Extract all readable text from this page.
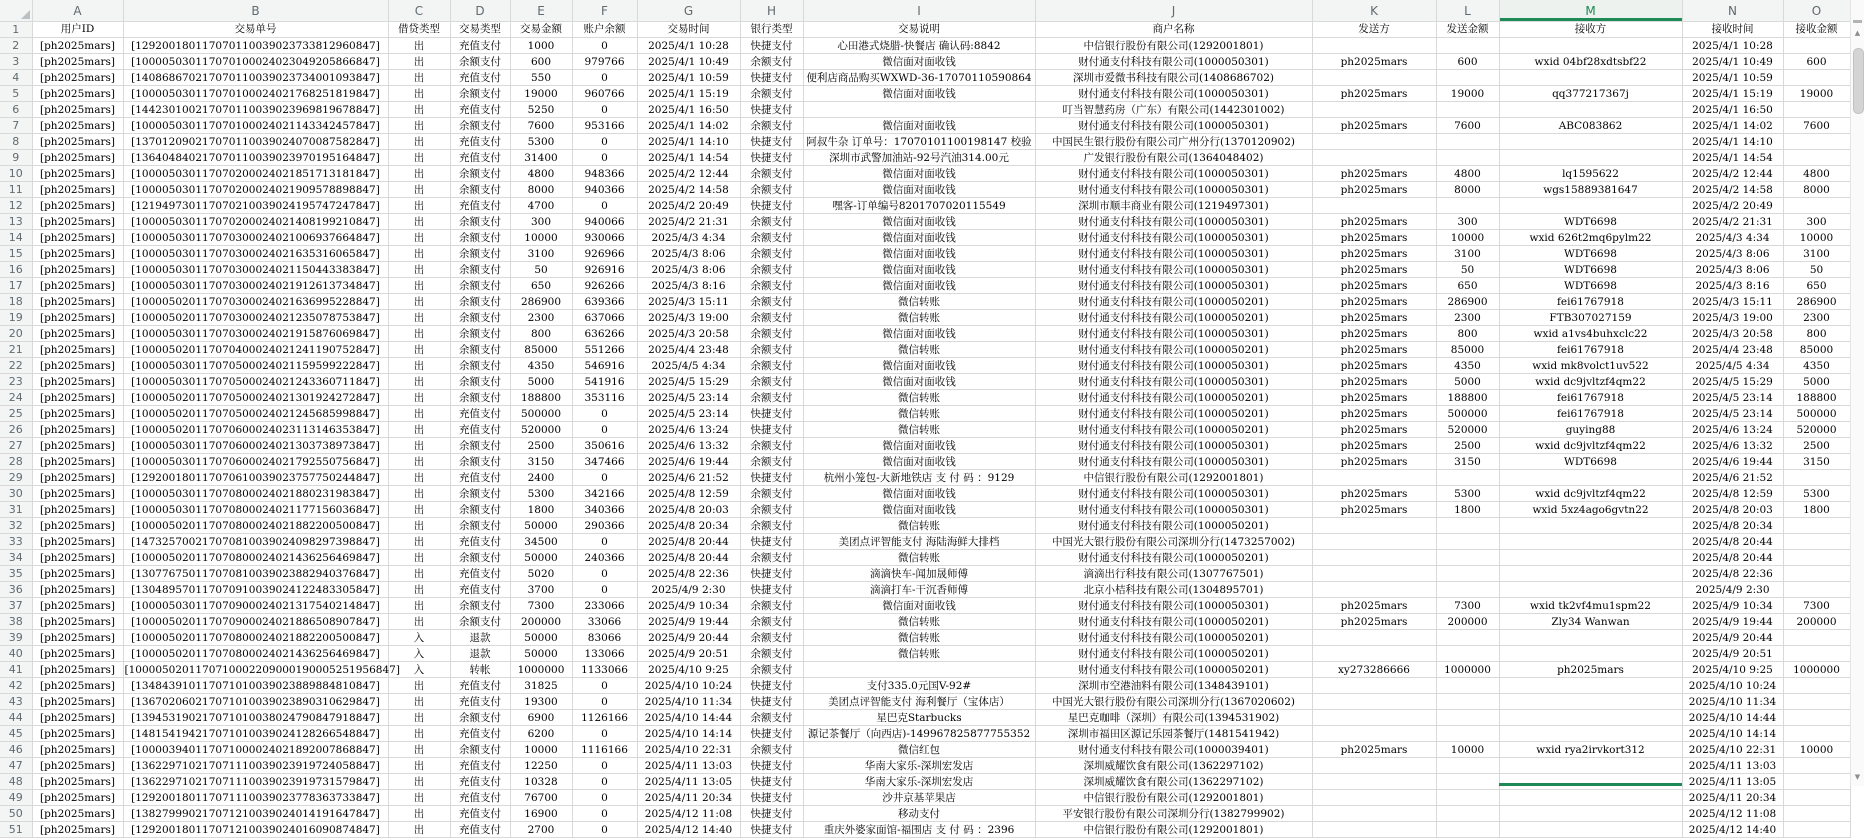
	A	B	C	D	E	F	G	H	I	J	K	L	M	N	O
1	用户ID	交易单号	借贷类型	交易类型	交易金额	账户余额	交易时间	银行类型	交易说明	商户名称	发送方	发送金额	接收方	接收时间	接收金额
2	[ph2025mars]	[129200180117070110039023733812960847]	出	充值支付	1000	0	2025/4/1 10:28	快捷支付	心田港式烧腊-快餐店 确认码:8842	中信银行股份有限公司(1292001801)				2025/4/1 10:28	
3	[ph2025mars]	[100005030117070100024023049205866847]	出	余额支付	600	979766	2025/4/1 10:49	余额支付	微信面对面收钱	财付通支付科技有限公司(1000050301)	ph2025mars	600	wxid 04bf28xdtsbf22	2025/4/1 10:49	600
4	[ph2025mars]	[140868670217070110039023734001093847]	出	充值支付	550	0	2025/4/1 10:59	快捷支付	便利店商品购买WXWD-36-17070110590864	深圳市爱微书科技有限公司(1408686702)				2025/4/1 10:59	
5	[ph2025mars]	[100005030117070100024021768251819847]	出	余额支付	19000	960766	2025/4/1 15:19	余额支付	微信面对面收钱	财付通支付科技有限公司(1000050301)	ph2025mars	19000	qq377217367j	2025/4/1 15:19	19000
6	[ph2025mars]	[144230100217070110039023969819678847]	出	充值支付	5250	0	2025/4/1 16:50	快捷支付		叮当智慧药房（广东）有限公司(1442301002)				2025/4/1 16:50	
7	[ph2025mars]	[100005030117070100024021143342457847]	出	余额支付	7600	953166	2025/4/1 14:02	余额支付	微信面对面收钱	财付通支付科技有限公司(1000050301)	ph2025mars	7600	ABC083862	2025/4/1 14:02	7600
8	[ph2025mars]	[137012090217070110039024070087582847]	出	充值支付	5300	0	2025/4/1 14:10	快捷支付	阿叔牛杂 订单号：17070101100198147 校验	中国民生银行股份有限公司广州分行(1370120902)				2025/4/1 14:10	
9	[ph2025mars]	[136404840217070110039023970195164847]	出	充值支付	31400	0	2025/4/1 14:54	快捷支付	深圳市武警加油站-92号汽油314.00元	广发银行股份有限公司(1364048402)				2025/4/1 14:54	
10	[ph2025mars]	[100005030117070200024021851713181847]	出	余额支付	4800	948366	2025/4/2 12:44	余额支付	微信面对面收钱	财付通支付科技有限公司(1000050301)	ph2025mars	4800	lq1595622	2025/4/2 12:44	4800
11	[ph2025mars]	[100005030117070200024021909578898847]	出	余额支付	8000	940366	2025/4/2 14:58	余额支付	微信面对面收钱	财付通支付科技有限公司(1000050301)	ph2025mars	8000	wgs15889381647	2025/4/2 14:58	8000
12	[ph2025mars]	[121949730117070210039024195747247847]	出	充值支付	4700	0	2025/4/2 20:49	快捷支付	嘿客-订单编号8201707020115549	深圳市顺丰商业有限公司(1219497301)				2025/4/2 20:49	
13	[ph2025mars]	[100005030117070200024021408199210847]	出	余额支付	300	940066	2025/4/2 21:31	余额支付	微信面对面收钱	财付通支付科技有限公司(1000050301)	ph2025mars	300	WDT6698	2025/4/2 21:31	300
14	[ph2025mars]	[100005030117070300024021006937664847]	出	余额支付	10000	930066	2025/4/3 4:34	余额支付	微信面对面收钱	财付通支付科技有限公司(1000050301)	ph2025mars	10000	wxid 626t2mq6pylm22	2025/4/3 4:34	10000
15	[ph2025mars]	[100005030117070300024021635316065847]	出	余额支付	3100	926966	2025/4/3 8:06	余额支付	微信面对面收钱	财付通支付科技有限公司(1000050301)	ph2025mars	3100	WDT6698	2025/4/3 8:06	3100
16	[ph2025mars]	[100005030117070300024021150443383847]	出	余额支付	50	926916	2025/4/3 8:06	余额支付	微信面对面收钱	财付通支付科技有限公司(1000050301)	ph2025mars	50	WDT6698	2025/4/3 8:06	50
17	[ph2025mars]	[100005030117070300024021912613734847]	出	余额支付	650	926266	2025/4/3 8:16	余额支付	微信面对面收钱	财付通支付科技有限公司(1000050301)	ph2025mars	650	WDT6698	2025/4/3 8:16	650
18	[ph2025mars]	[100005020117070300024021636995228847]	出	余额支付	286900	639366	2025/4/3 15:11	余额支付	微信转账	财付通支付科技有限公司(1000050201)	ph2025mars	286900	fei61767918	2025/4/3 15:11	286900
19	[ph2025mars]	[100005020117070300024021235078753847]	出	余额支付	2300	637066	2025/4/3 19:00	余额支付	微信转账	财付通支付科技有限公司(1000050201)	ph2025mars	2300	FTB307027159	2025/4/3 19:00	2300
20	[ph2025mars]	[100005030117070300024021915876069847]	出	余额支付	800	636266	2025/4/3 20:58	余额支付	微信面对面收钱	财付通支付科技有限公司(1000050301)	ph2025mars	800	wxid a1vs4buhxclc22	2025/4/3 20:58	800
21	[ph2025mars]	[100005020117070400024021241190752847]	出	余额支付	85000	551266	2025/4/4 23:48	余额支付	微信转账	财付通支付科技有限公司(1000050201)	ph2025mars	85000	fei61767918	2025/4/4 23:48	85000
22	[ph2025mars]	[100005030117070500024021159599222847]	出	余额支付	4350	546916	2025/4/5 4:34	余额支付	微信面对面收钱	财付通支付科技有限公司(1000050301)	ph2025mars	4350	wxid mk8volct1uv522	2025/4/5 4:34	4350
23	[ph2025mars]	[100005030117070500024021243360711847]	出	余额支付	5000	541916	2025/4/5 15:29	余额支付	微信面对面收钱	财付通支付科技有限公司(1000050301)	ph2025mars	5000	wxid dc9jvltzf4qm22	2025/4/5 15:29	5000
24	[ph2025mars]	[100005020117070500024021301924272847]	出	余额支付	188800	353116	2025/4/5 23:14	余额支付	微信转账	财付通支付科技有限公司(1000050201)	ph2025mars	188800	fei61767918	2025/4/5 23:14	188800
25	[ph2025mars]	[100005020117070500024021245685998847]	出	充值支付	500000	0	2025/4/5 23:14	快捷支付	微信转账	财付通支付科技有限公司(1000050201)	ph2025mars	500000	fei61767918	2025/4/5 23:14	500000
26	[ph2025mars]	[100005020117070600024023113146353847]	出	充值支付	520000	0	2025/4/6 13:24	快捷支付	微信转账	财付通支付科技有限公司(1000050201)	ph2025mars	520000	guying88	2025/4/6 13:24	520000
27	[ph2025mars]	[100005030117070600024021303738973847]	出	余额支付	2500	350616	2025/4/6 13:32	余额支付	微信面对面收钱	财付通支付科技有限公司(1000050301)	ph2025mars	2500	wxid dc9jvltzf4qm22	2025/4/6 13:32	2500
28	[ph2025mars]	[100005030117070600024021792550756847]	出	余额支付	3150	347466	2025/4/6 19:44	余额支付	微信面对面收钱	财付通支付科技有限公司(1000050301)	ph2025mars	3150	WDT6698	2025/4/6 19:44	3150
29	[ph2025mars]	[129200180117070610039023757750244847]	出	充值支付	2400	0	2025/4/6 21:52	快捷支付	杭州小笼包-大新地铁店 支 付 码 ：9129	中信银行股份有限公司(1292001801)				2025/4/6 21:52	
30	[ph2025mars]	[100005030117070800024021880231983847]	出	余额支付	5300	342166	2025/4/8 12:59	余额支付	微信面对面收钱	财付通支付科技有限公司(1000050301)	ph2025mars	5300	wxid dc9jvltzf4qm22	2025/4/8 12:59	5300
31	[ph2025mars]	[100005030117070800024021177156036847]	出	余额支付	1800	340366	2025/4/8 20:03	余额支付	微信面对面收钱	财付通支付科技有限公司(1000050301)	ph2025mars	1800	wxid 5xz4ago6gvtn22	2025/4/8 20:03	1800
32	[ph2025mars]	[100005020117070800024021882200500847]	出	余额支付	50000	290366	2025/4/8 20:34	余额支付	微信转账	财付通支付科技有限公司(1000050201)				2025/4/8 20:34	
33	[ph2025mars]	[147325700217070810039024098297398847]	出	充值支付	34500	0	2025/4/8 20:44	快捷支付	美团点评智能支付 海陆海鲜大排档	中国光大银行股份有限公司深圳分行(1473257002)				2025/4/8 20:44	
34	[ph2025mars]	[100005020117070800024021436256469847]	出	余额支付	50000	240366	2025/4/8 20:44	余额支付	微信转账	财付通支付科技有限公司(1000050201)				2025/4/8 20:44	
35	[ph2025mars]	[130776750117070810039023882940376847]	出	充值支付	5020	0	2025/4/8 22:36	快捷支付	滴滴快车-闻加晟师傅	滴滴出行科技有限公司(1307767501)				2025/4/8 22:36	
36	[ph2025mars]	[130489570117070910039024122483305847]	出	充值支付	3700	0	2025/4/9 2:30	快捷支付	滴滴打车-干沉香师傅	北京小桔科技有限公司(1304895701)				2025/4/9 2:30	
37	[ph2025mars]	[100005030117070900024021317540214847]	出	余额支付	7300	233066	2025/4/9 10:34	余额支付	微信面对面收钱	财付通支付科技有限公司(1000050301)	ph2025mars	7300	wxid tk2vf4mu1spm22	2025/4/9 10:34	7300
38	[ph2025mars]	[100005020117070900024021886508907847]	出	余额支付	200000	33066	2025/4/9 19:44	余额支付	微信转账	财付通支付科技有限公司(1000050201)	ph2025mars	200000	Zly34 Wanwan	2025/4/9 19:44	200000
39	[ph2025mars]	[100005020117070800024021882200500847]	入	退款	50000	83066	2025/4/9 20:44	余额支付	微信转账	财付通支付科技有限公司(1000050201)				2025/4/9 20:44	
40	[ph2025mars]	[100005020117070800024021436256469847]	入	退款	50000	133066	2025/4/9 20:51	余额支付	微信转账	财付通支付科技有限公司(1000050201)				2025/4/9 20:51	
41	[ph2025mars]	[1000050201170710002209000190005251956847]	入	转帐	1000000	1133066	2025/4/10 9:25	余额支付		财付通支付科技有限公司(1000050201)	xy273286666	1000000	ph2025mars	2025/4/10 9:25	1000000
42	[ph2025mars]	[134843910117071010039023889884810847]	出	充值支付	31825	0	2025/4/10 10:24	快捷支付	支付335.0元国V-92#	深圳市空港油料有限公司(1348439101)				2025/4/10 10:24	
43	[ph2025mars]	[136702060217071010039023890310629847]	出	充值支付	19300	0	2025/4/10 11:34	快捷支付	美团点评智能支付 海利餐厅（宝体店）	中国光大银行股份有限公司深圳分行(1367020602)				2025/4/10 11:34	
44	[ph2025mars]	[139453190217071010038024790847918847]	出	余额支付	6900	1126166	2025/4/10 14:44	余额支付	星巴克Starbucks	星巴克咖啡（深圳）有限公司(1394531902)				2025/4/10 14:44	
45	[ph2025mars]	[148154194217071010039024128266548847]	出	充值支付	6200	0	2025/4/10 14:14	快捷支付	源记茶餐厅（向西店)-149967825877755352	深圳市福田区源记乐园茶餐厅(1481541942)				2025/4/10 14:14	
46	[ph2025mars]	[100003940117071000024021892007868847]	出	余额支付	10000	1116166	2025/4/10 22:31	余额支付	微信红包	财付通支付科技有限公司(1000039401)	ph2025mars	10000	wxid rya2irvkort312	2025/4/10 22:31	10000
47	[ph2025mars]	[136229710217071110039023919724058847]	出	充值支付	12250	0	2025/4/11 13:03	快捷支付	华南大家乐-深圳宏发店	深圳威耀饮食有限公司(1362297102)				2025/4/11 13:03	
48	[ph2025mars]	[136229710217071110039023919731579847]	出	充值支付	10328	0	2025/4/11 13:05	快捷支付	华南大家乐-深圳宏发店	深圳威耀饮食有限公司(1362297102)				2025/4/11 13:05	
49	[ph2025mars]	[129200180117071110039023778363733847]	出	充值支付	76700	0	2025/4/11 20:34	快捷支付	沙井京基苹果店	中信银行股份有限公司(1292001801)				2025/4/11 20:34	
50	[ph2025mars]	[138279990217071210039024014191647847]	出	充值支付	16900	0	2025/4/12 11:08	快捷支付	移动支付	平安银行股份有限公司深圳分行(1382799902)				2025/4/12 11:08	
51	[ph2025mars]	[129200180117071210039024016090874847]	出	充值支付	2700	0	2025/4/12 14:40	快捷支付	重庆外婆家面馆-福围店 支 付 码 ：2396	中信银行股份有限公司(1292001801)				2025/4/12 14:40	
▲
▼
